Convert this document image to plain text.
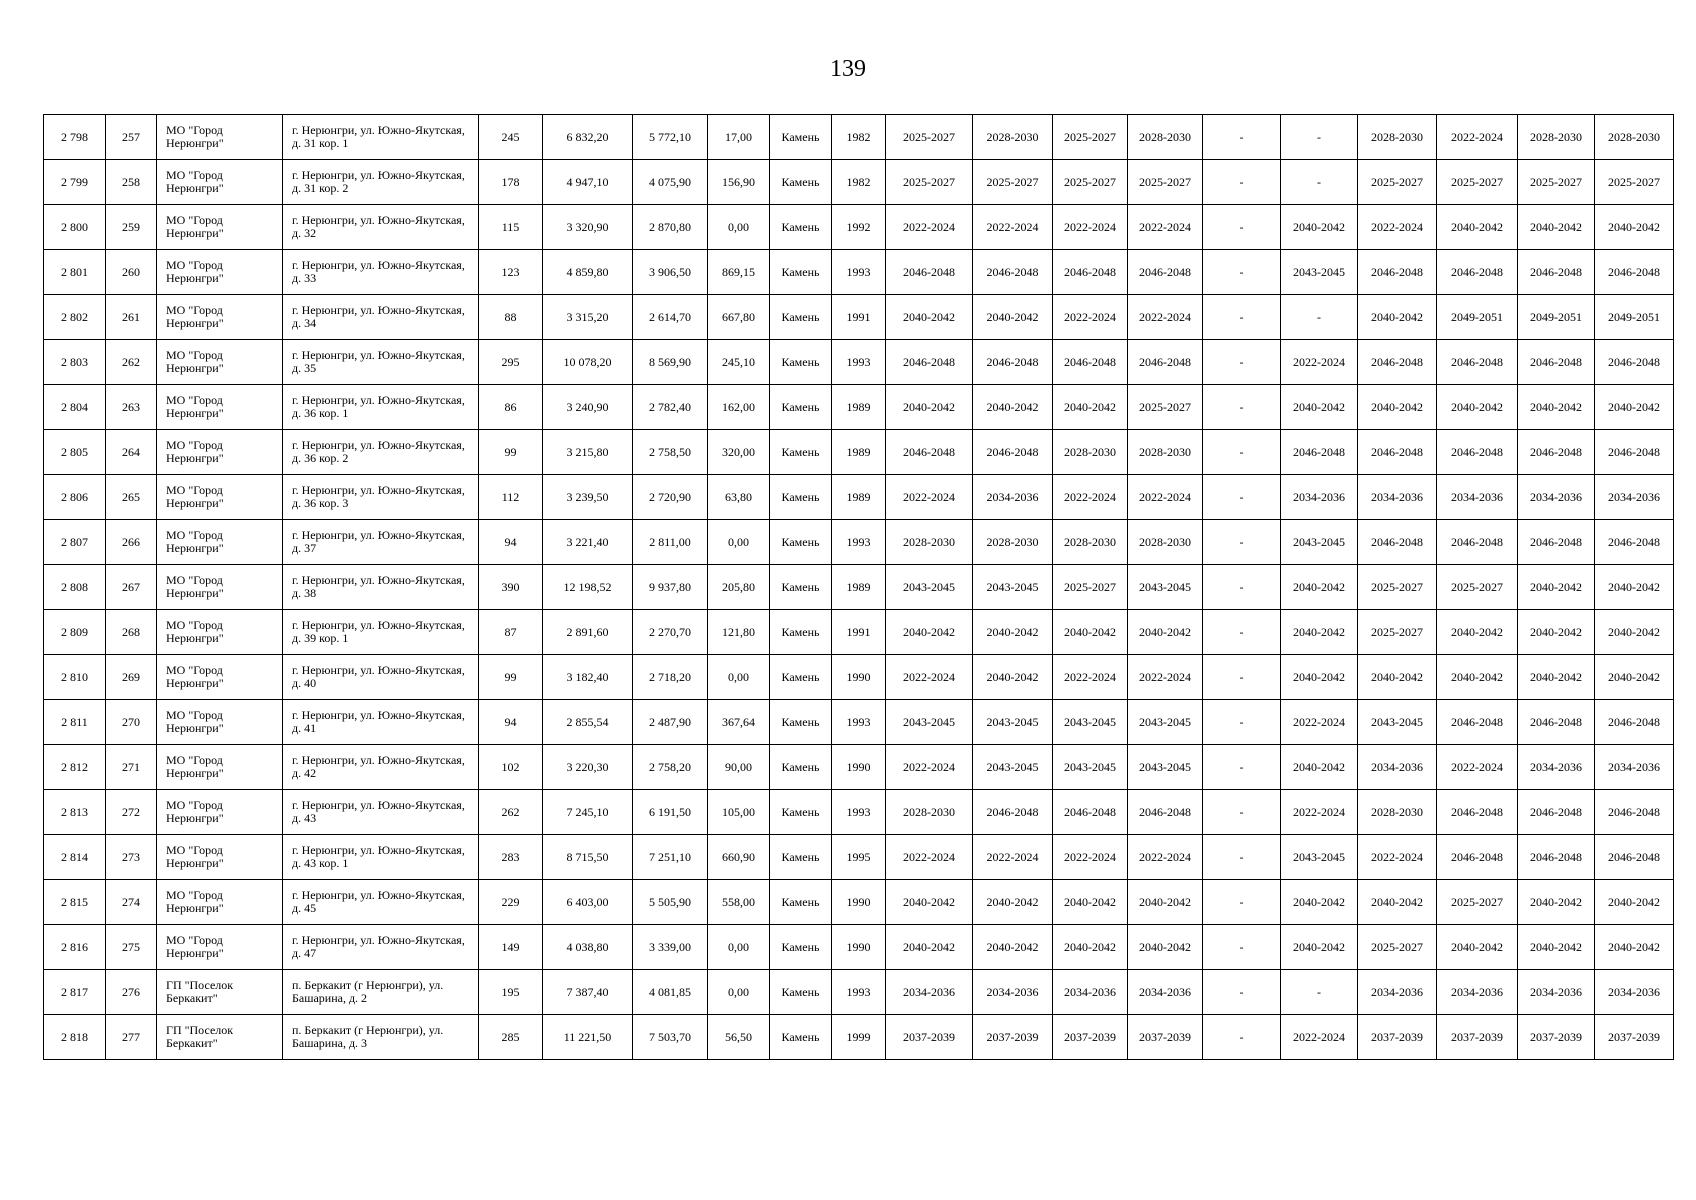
139
2 798	257	МО "Город Нерюнгри"	г. Нерюнгри, ул. Южно-Якутская, д. 31 кор. 1	245	6 832,20	5 772,10	17,00	Камень	1982	2025-2027	2028-2030	2025-2027	2028-2030	-	-	2028-2030	2022-2024	2028-2030	2028-2030
2 799	258	МО "Город Нерюнгри"	г. Нерюнгри, ул. Южно-Якутская, д. 31 кор. 2	178	4 947,10	4 075,90	156,90	Камень	1982	2025-2027	2025-2027	2025-2027	2025-2027	-	-	2025-2027	2025-2027	2025-2027	2025-2027
2 800	259	МО "Город Нерюнгри"	г. Нерюнгри, ул. Южно-Якутская, д. 32	115	3 320,90	2 870,80	0,00	Камень	1992	2022-2024	2022-2024	2022-2024	2022-2024	-	2040-2042	2022-2024	2040-2042	2040-2042	2040-2042
2 801	260	МО "Город Нерюнгри"	г. Нерюнгри, ул. Южно-Якутская, д. 33	123	4 859,80	3 906,50	869,15	Камень	1993	2046-2048	2046-2048	2046-2048	2046-2048	-	2043-2045	2046-2048	2046-2048	2046-2048	2046-2048
2 802	261	МО "Город Нерюнгри"	г. Нерюнгри, ул. Южно-Якутская, д. 34	88	3 315,20	2 614,70	667,80	Камень	1991	2040-2042	2040-2042	2022-2024	2022-2024	-	-	2040-2042	2049-2051	2049-2051	2049-2051
2 803	262	МО "Город Нерюнгри"	г. Нерюнгри, ул. Южно-Якутская, д. 35	295	10 078,20	8 569,90	245,10	Камень	1993	2046-2048	2046-2048	2046-2048	2046-2048	-	2022-2024	2046-2048	2046-2048	2046-2048	2046-2048
2 804	263	МО "Город Нерюнгри"	г. Нерюнгри, ул. Южно-Якутская, д. 36 кор. 1	86	3 240,90	2 782,40	162,00	Камень	1989	2040-2042	2040-2042	2040-2042	2025-2027	-	2040-2042	2040-2042	2040-2042	2040-2042	2040-2042
2 805	264	МО "Город Нерюнгри"	г. Нерюнгри, ул. Южно-Якутская, д. 36 кор. 2	99	3 215,80	2 758,50	320,00	Камень	1989	2046-2048	2046-2048	2028-2030	2028-2030	-	2046-2048	2046-2048	2046-2048	2046-2048	2046-2048
2 806	265	МО "Город Нерюнгри"	г. Нерюнгри, ул. Южно-Якутская, д. 36 кор. 3	112	3 239,50	2 720,90	63,80	Камень	1989	2022-2024	2034-2036	2022-2024	2022-2024	-	2034-2036	2034-2036	2034-2036	2034-2036	2034-2036
2 807	266	МО "Город Нерюнгри"	г. Нерюнгри, ул. Южно-Якутская, д. 37	94	3 221,40	2 811,00	0,00	Камень	1993	2028-2030	2028-2030	2028-2030	2028-2030	-	2043-2045	2046-2048	2046-2048	2046-2048	2046-2048
2 808	267	МО "Город Нерюнгри"	г. Нерюнгри, ул. Южно-Якутская, д. 38	390	12 198,52	9 937,80	205,80	Камень	1989	2043-2045	2043-2045	2025-2027	2043-2045	-	2040-2042	2025-2027	2025-2027	2040-2042	2040-2042
2 809	268	МО "Город Нерюнгри"	г. Нерюнгри, ул. Южно-Якутская, д. 39 кор. 1	87	2 891,60	2 270,70	121,80	Камень	1991	2040-2042	2040-2042	2040-2042	2040-2042	-	2040-2042	2025-2027	2040-2042	2040-2042	2040-2042
2 810	269	МО "Город Нерюнгри"	г. Нерюнгри, ул. Южно-Якутская, д. 40	99	3 182,40	2 718,20	0,00	Камень	1990	2022-2024	2040-2042	2022-2024	2022-2024	-	2040-2042	2040-2042	2040-2042	2040-2042	2040-2042
2 811	270	МО "Город Нерюнгри"	г. Нерюнгри, ул. Южно-Якутская, д. 41	94	2 855,54	2 487,90	367,64	Камень	1993	2043-2045	2043-2045	2043-2045	2043-2045	-	2022-2024	2043-2045	2046-2048	2046-2048	2046-2048
2 812	271	МО "Город Нерюнгри"	г. Нерюнгри, ул. Южно-Якутская, д. 42	102	3 220,30	2 758,20	90,00	Камень	1990	2022-2024	2043-2045	2043-2045	2043-2045	-	2040-2042	2034-2036	2022-2024	2034-2036	2034-2036
2 813	272	МО "Город Нерюнгри"	г. Нерюнгри, ул. Южно-Якутская, д. 43	262	7 245,10	6 191,50	105,00	Камень	1993	2028-2030	2046-2048	2046-2048	2046-2048	-	2022-2024	2028-2030	2046-2048	2046-2048	2046-2048
2 814	273	МО "Город Нерюнгри"	г. Нерюнгри, ул. Южно-Якутская, д. 43 кор. 1	283	8 715,50	7 251,10	660,90	Камень	1995	2022-2024	2022-2024	2022-2024	2022-2024	-	2043-2045	2022-2024	2046-2048	2046-2048	2046-2048
2 815	274	МО "Город Нерюнгри"	г. Нерюнгри, ул. Южно-Якутская, д. 45	229	6 403,00	5 505,90	558,00	Камень	1990	2040-2042	2040-2042	2040-2042	2040-2042	-	2040-2042	2040-2042	2025-2027	2040-2042	2040-2042
2 816	275	МО "Город Нерюнгри"	г. Нерюнгри, ул. Южно-Якутская, д. 47	149	4 038,80	3 339,00	0,00	Камень	1990	2040-2042	2040-2042	2040-2042	2040-2042	-	2040-2042	2025-2027	2040-2042	2040-2042	2040-2042
2 817	276	ГП "Поселок Беркакит"	п. Беркакит (г Нерюнгри), ул. Башарина, д. 2	195	7 387,40	4 081,85	0,00	Камень	1993	2034-2036	2034-2036	2034-2036	2034-2036	-	-	2034-2036	2034-2036	2034-2036	2034-2036
2 818	277	ГП "Поселок Беркакит"	п. Беркакит (г Нерюнгри), ул. Башарина, д. 3	285	11 221,50	7 503,70	56,50	Камень	1999	2037-2039	2037-2039	2037-2039	2037-2039	-	2022-2024	2037-2039	2037-2039	2037-2039	2037-2039
